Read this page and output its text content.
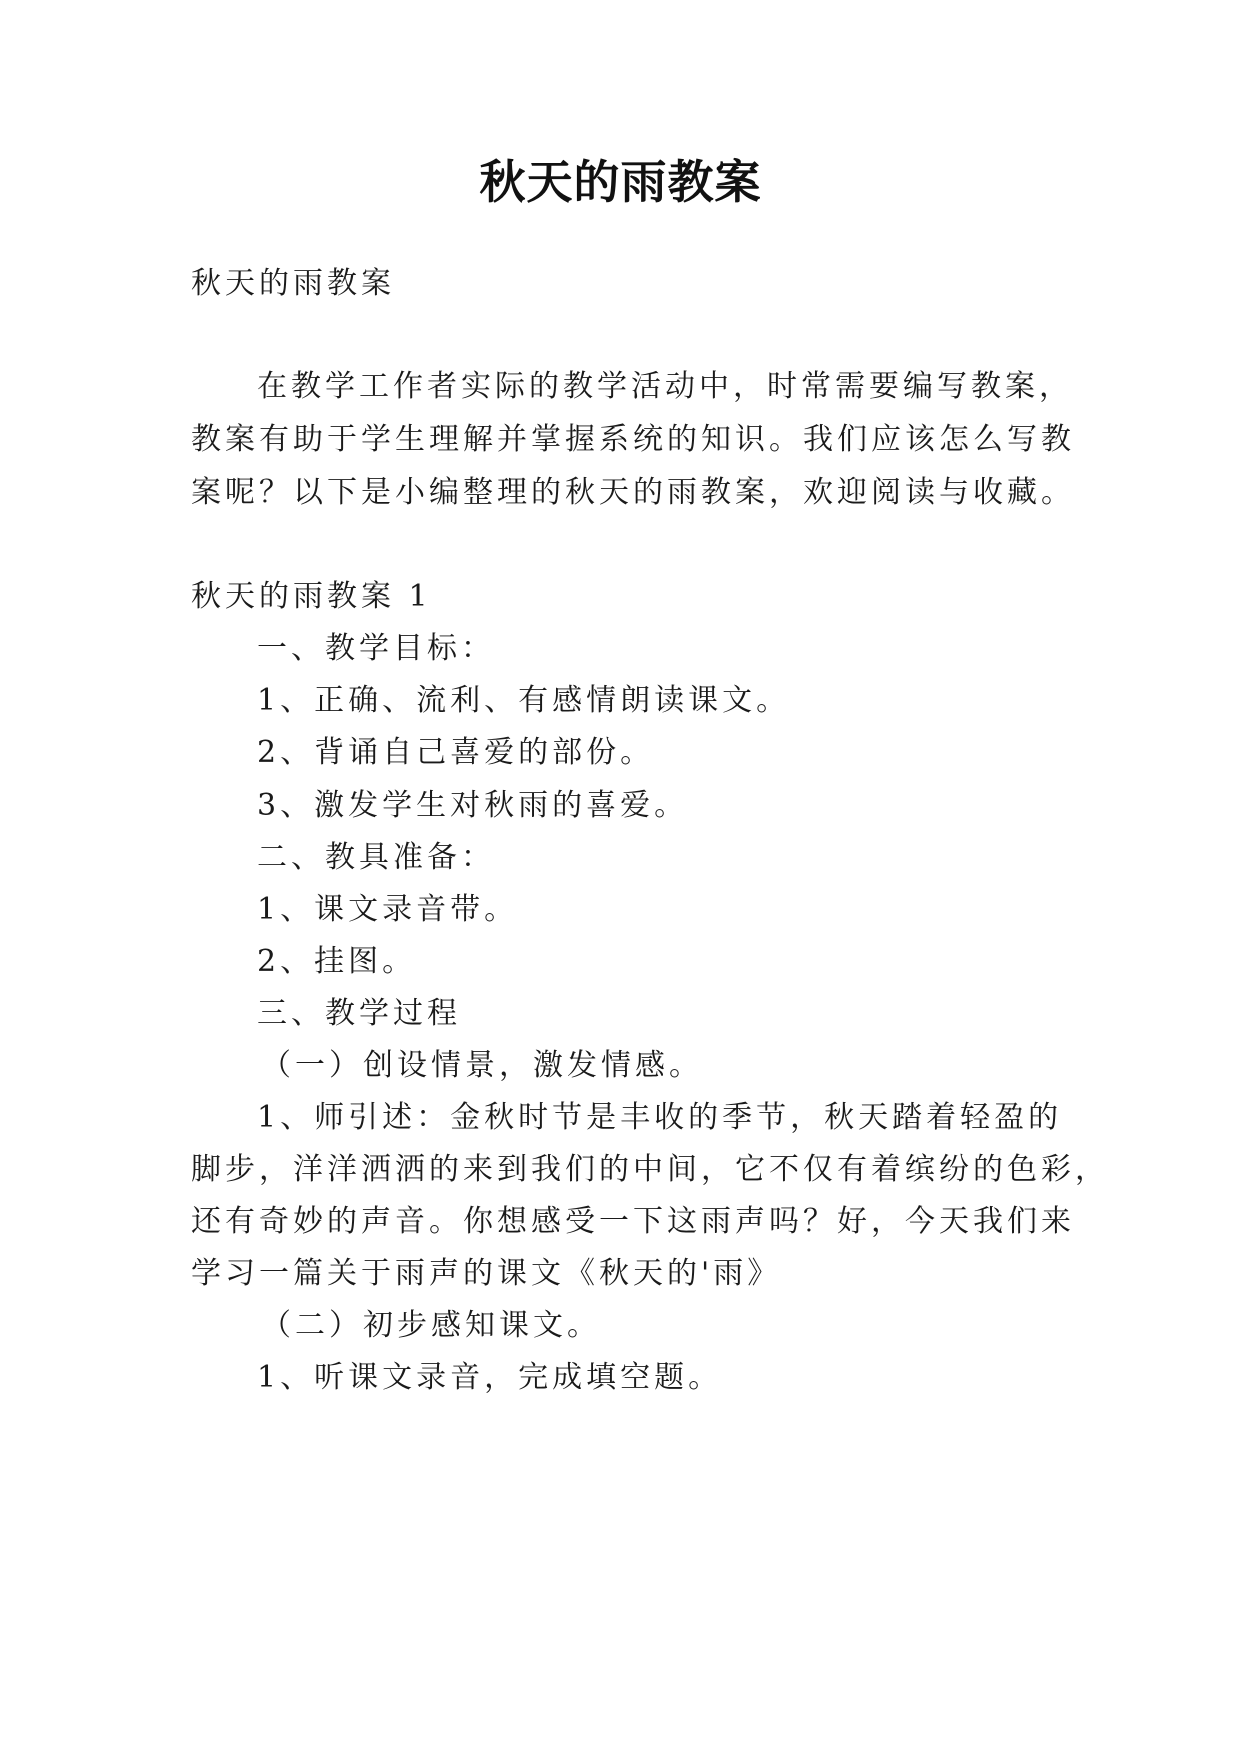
秋天的雨教案
秋天的雨教案
在教学工作者实际的教学活动中，时常需要编写教案，
教案有助于学生理解并掌握系统的知识。我们应该怎么写教
案呢？以下是小编整理的秋天的雨教案，欢迎阅读与收藏。
秋天的雨教案 1
一、教学目标：
1、正确、流利、有感情朗读课文。
2、背诵自己喜爱的部份。
3、激发学生对秋雨的喜爱。
二、教具准备：
1、课文录音带。
2、挂图。
三、教学过程
（一）创设情景，激发情感。
1、师引述：金秋时节是丰收的季节，秋天踏着轻盈的
脚步，洋洋洒洒的来到我们的中间，它不仅有着缤纷的色彩，
还有奇妙的声音。你想感受一下这雨声吗？好，今天我们来
学习一篇关于雨声的课文《秋天的'雨》
（二）初步感知课文。
1、听课文录音，完成填空题。
